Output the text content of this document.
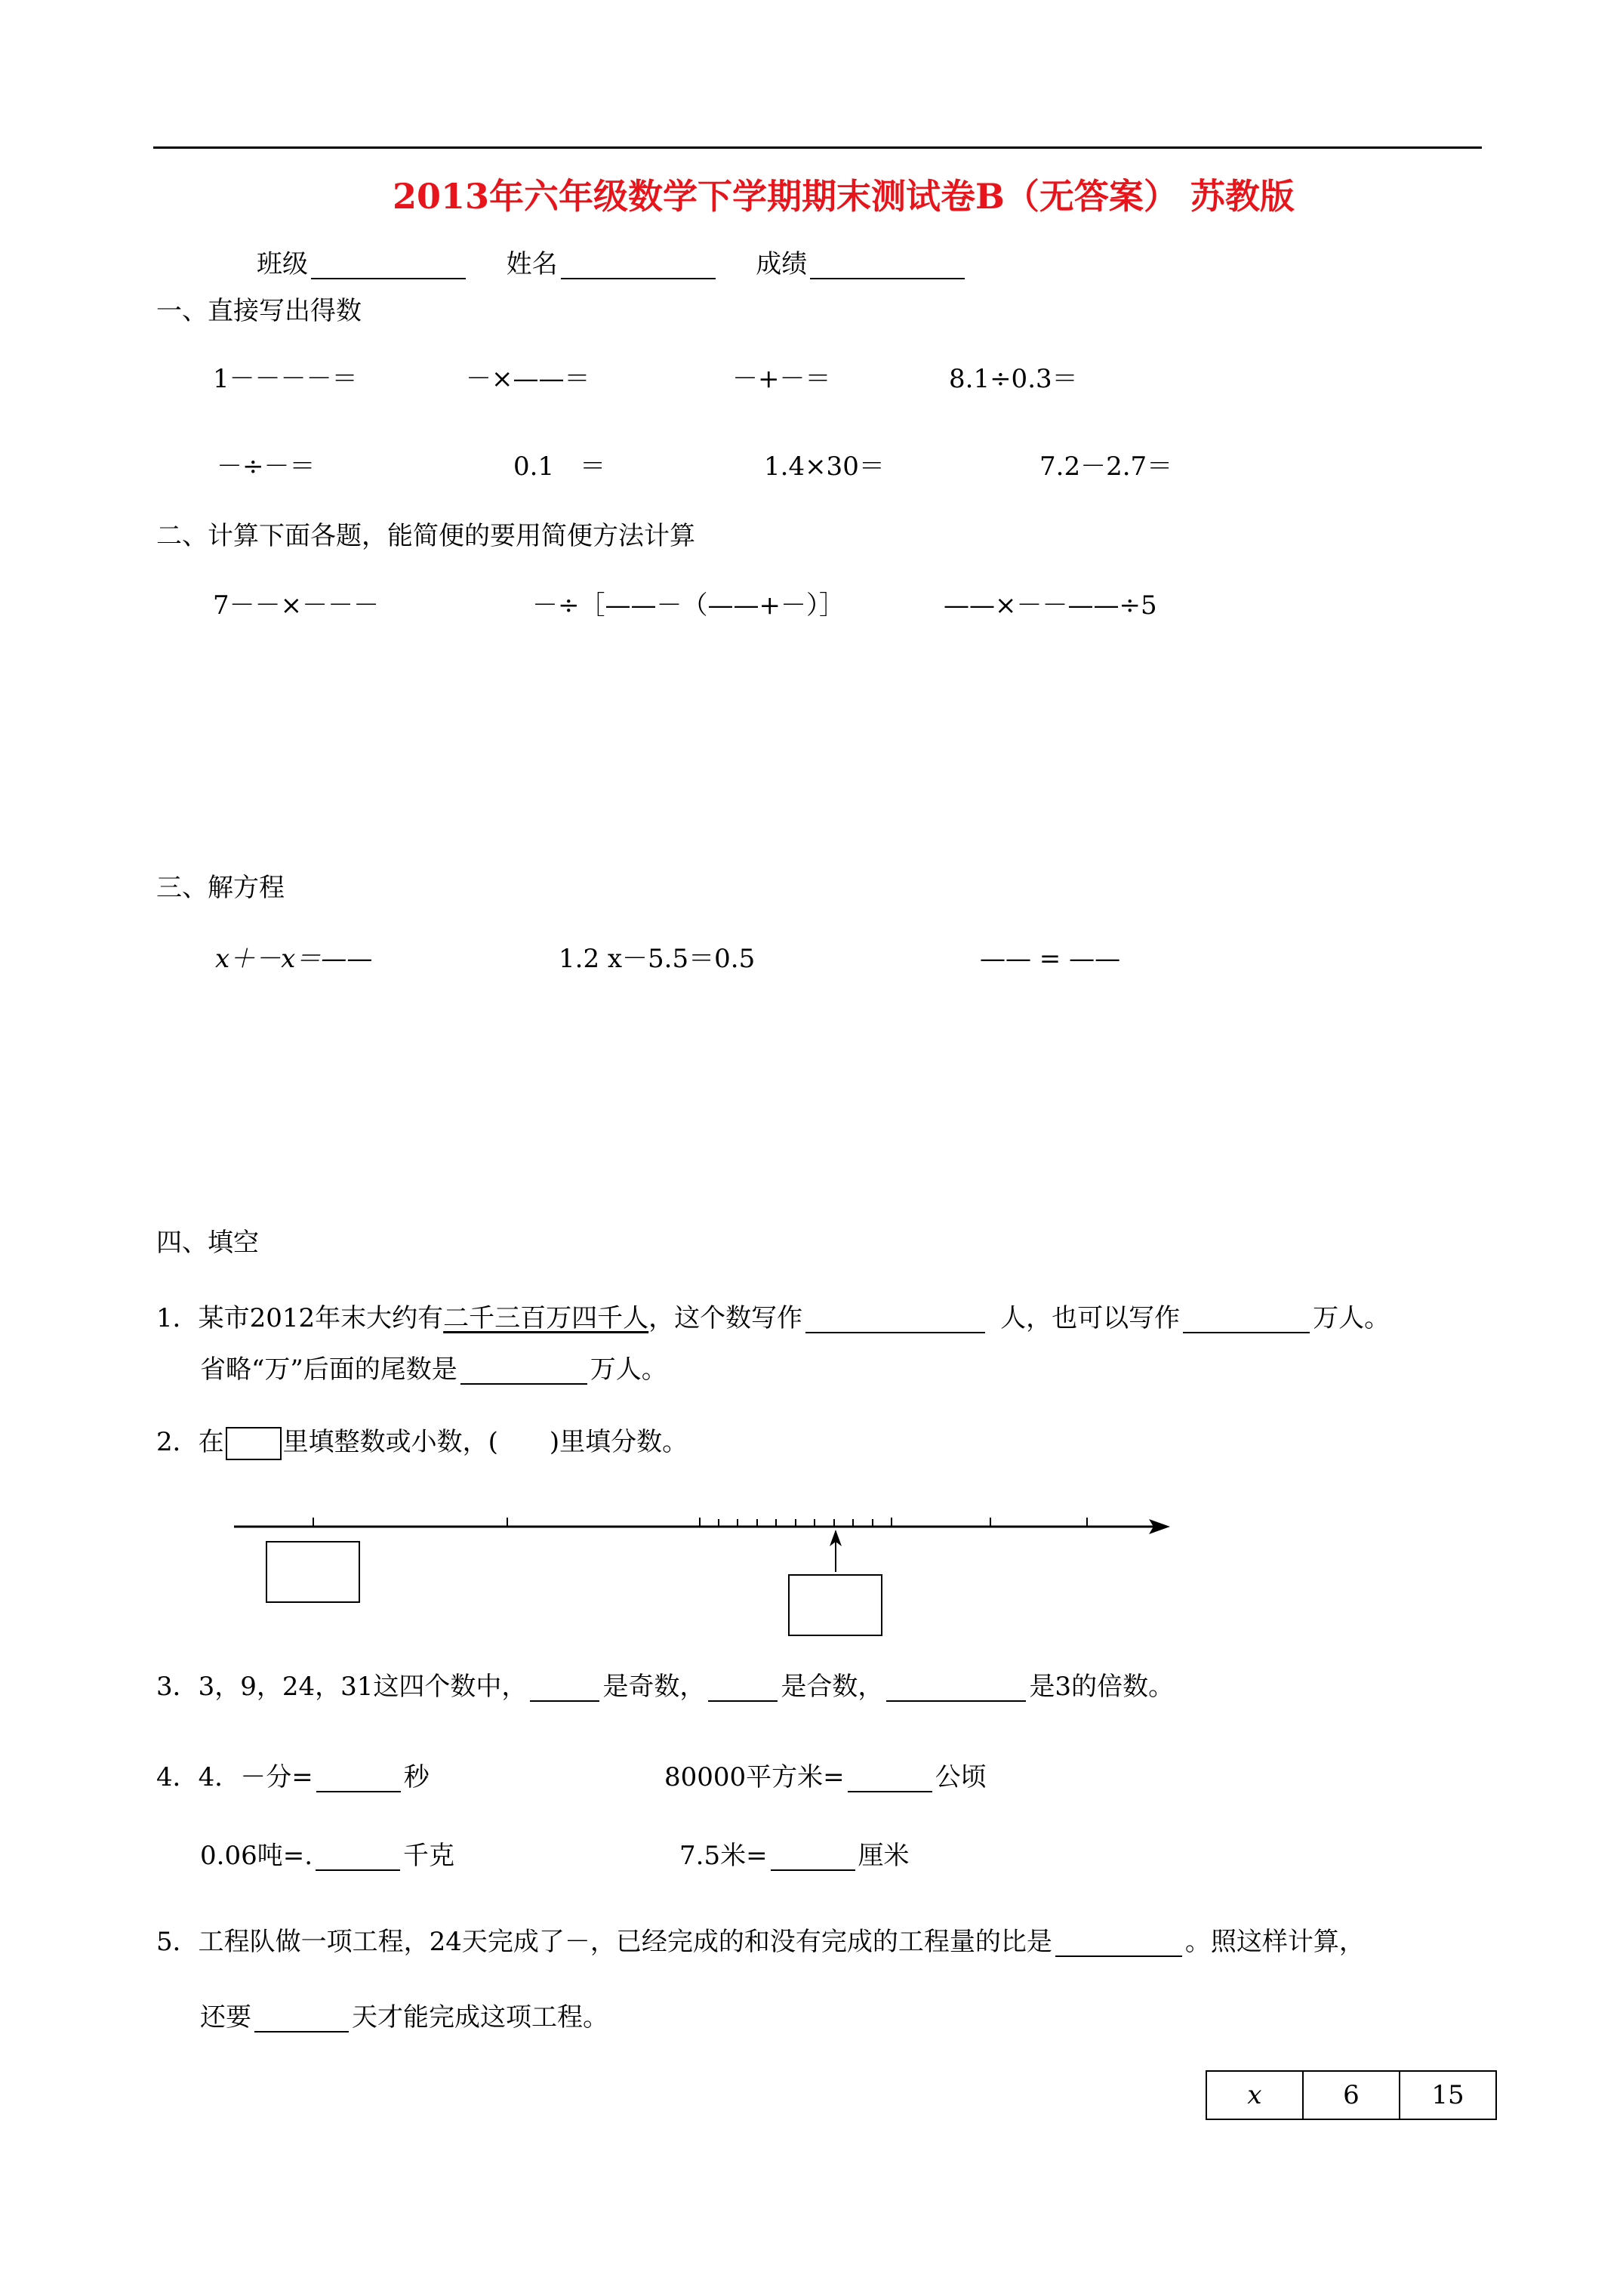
2013年六年级数学下学期期末测试卷B（无答案） 苏教版
班级	姓名	成绩
一、直接写出得数
1－－－－＝	－×——＝	－+－＝	8.1÷0.3＝
－÷－＝	0.1　＝	1.4×30＝	7.2－2.7＝
二、计算下面各题，能简便的要用简便方法计算
7－－×－－－	－÷［——－（——+－）］	——×－－——÷5
三、解方程
x＋－x＝——	1.2 x－5.5＝0.5	—— = ——
四、填空
1．某市2012年末大约有二千三百万四千人，这个数写作	人，也可以写作	万人。
省略“万”后面的尾数是	万人。
2．在 里填整数或小数，(　　)里填分数。
3．3，9，24，31这四个数中，	是奇数，	是合数，	是3的倍数。
4．4．－分=	秒	80000平方米=	公顷
0.06吨=.	千克	7.5米=	厘米
5．工程队做一项工程，24天完成了－，已经完成的和没有完成的工程量的比是	。照这样计算，
还要	天才能完成这项工程。
x	6	15
